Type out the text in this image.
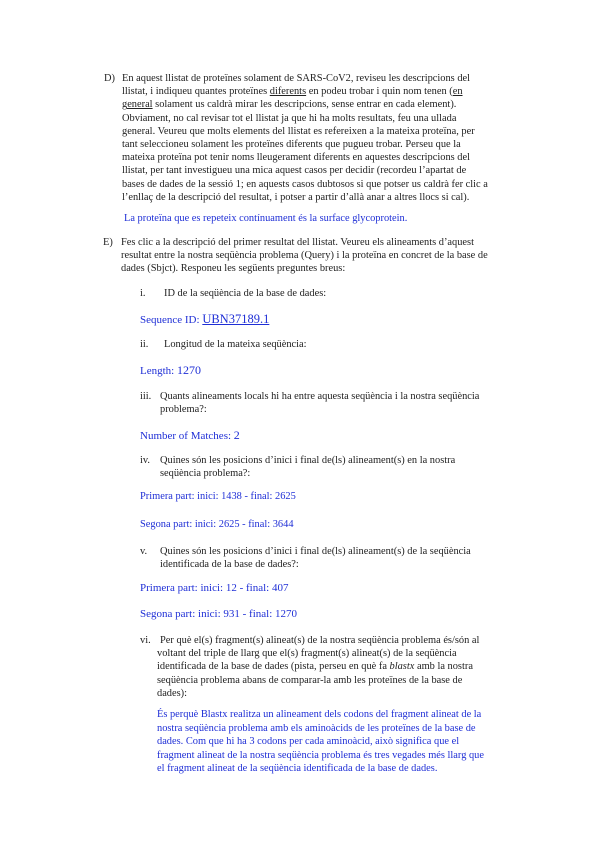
D) En aquest llistat de proteïnes solament de SARS-CoV2, reviseu les descripcions del
llistat, i indiqueu quantes proteïnes diferents en podeu trobar i quin nom tenen (en
general solament us caldrà mirar les descripcions, sense entrar en cada element).
Obviament, no cal revisar tot el llistat ja que hi ha molts resultats, feu una ullada
general. Veureu que molts elements del llistat es refereixen a la mateixa proteïna, per
tant seleccioneu solament les proteïnes diferents que pugueu trobar. Perseu que la
mateixa proteïna pot tenir noms lleugerament diferents en aquestes descripcions del
llistat, per tant investigueu una mica aquest casos per decidir (recordeu l’apartat de
bases de dades de la sessió 1; en aquests casos dubtosos si que potser us caldrà fer clic a
l’enllaç de la descripció del resultat, i potser a partir d’allà anar a altres llocs si cal).
La proteïna que es repeteix contínuament és la surface glycoprotein.
E) Fes clic a la descripció del primer resultat del llistat. Veureu els alineaments d’aquest
resultat entre la nostra seqüència problema (Query) i la proteïna en concret de la base de
dades (Sbjct). Responeu les següents preguntes breus:
i. ID de la seqüència de la base de dades:
Sequence ID: UBN37189.1
ii. Longitud de la mateixa seqüència:
Length: 1270
iii. Quants alineaments locals hi ha entre aquesta seqüència i la nostra seqüència
problema?:
Number of Matches: 2
iv. Quines són les posicions d’inici i final de(ls) alineament(s) en la nostra
seqüència problema?:
Primera part: inici: 1438 - final: 2625
Segona part: inici: 2625 - final: 3644
v. Quines són les posicions d’inici i final de(ls) alineament(s) de la seqüència
identificada de la base de dades?:
Primera part: inici: 12 - final: 407
Segona part: inici: 931 - final: 1270
vi. Per què el(s) fragment(s) alineat(s) de la nostra seqüència problema és/són al
voltant del triple de llarg que el(s) fragment(s) alineat(s) de la seqüència
identificada de la base de dades (pista, perseu en què fa blastx amb la nostra
seqüència problema abans de comparar-la amb les proteïnes de la base de
dades):
És perquè Blastx realitza un alineament dels codons del fragment alineat de la
nostra seqüència problema amb els aminoàcids de les proteïnes de la base de
dades. Com que hi ha 3 codons per cada aminoàcid, això significa que el
fragment alineat de la nostra seqüència problema és tres vegades més llarg que
el fragment alineat de la seqüència identificada de la base de dades.
